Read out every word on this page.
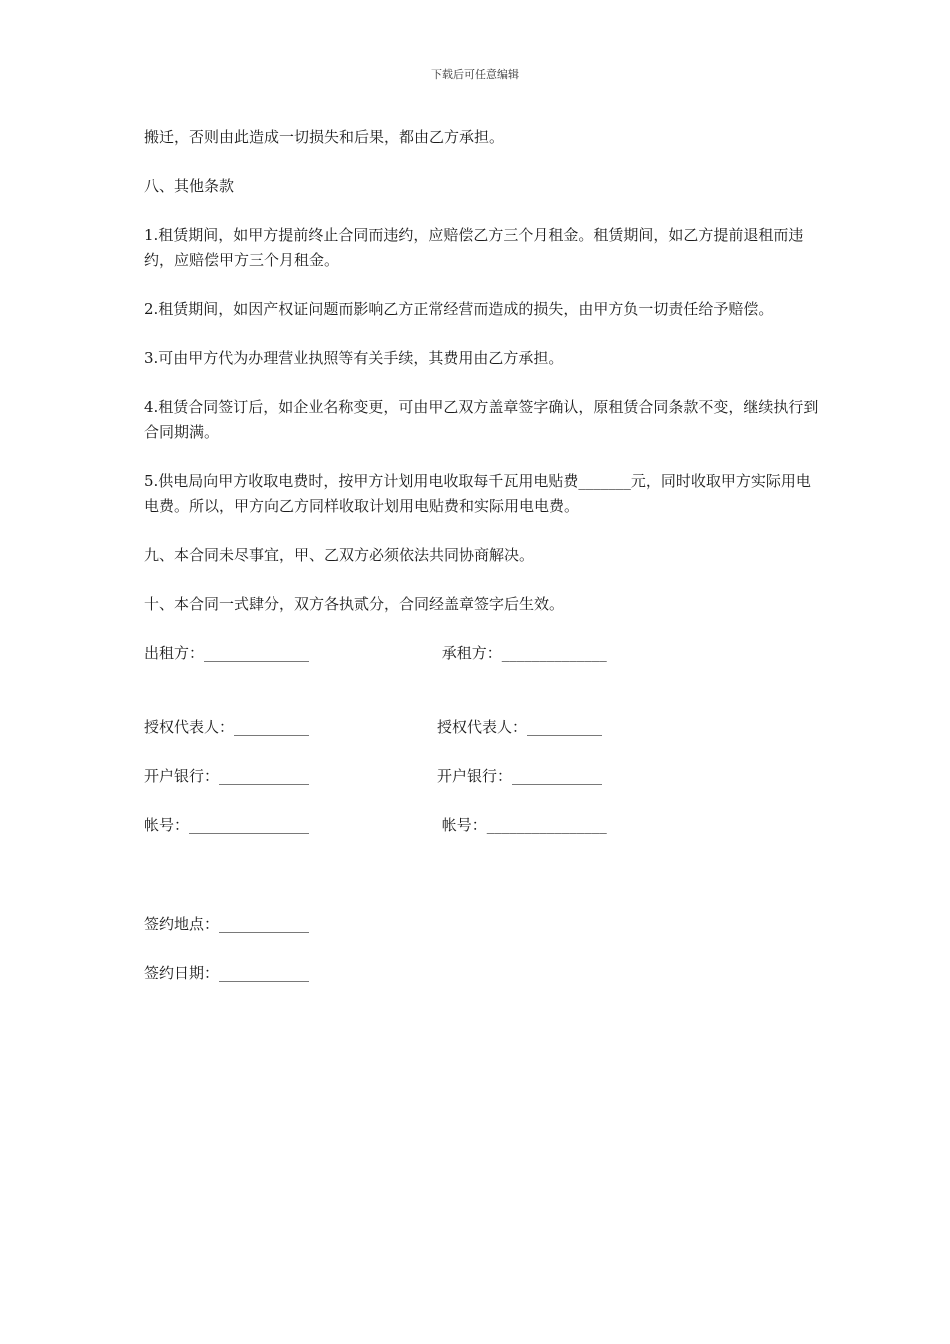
下载后可任意编辑

搬迁，否则由此造成一切损失和后果，都由乙方承担。

八、其他条款

1.租赁期间，如甲方提前终止合同而违约，应赔偿乙方三个月租金。租赁期间，如乙方提前退租而违约，应赔偿甲方三个月租金。

2.租赁期间，如因产权证问题而影响乙方正常经营而造成的损失，由甲方负一切责任给予赔偿。

3.可由甲方代为办理营业执照等有关手续，其费用由乙方承担。

4.租赁合同签订后，如企业名称变更，可由甲乙双方盖章签字确认，原租赁合同条款不变，继续执行到合同期满。

5.供电局向甲方收取电费时，按甲方计划用电收取每千瓦用电贴费_______元，同时收取甲方实际用电电费。所以，甲方向乙方同样收取计划用电贴费和实际用电电费。

九、本合同未尽事宜，甲、乙双方必须依法共同协商解决。

十、本合同一式肆分，双方各执贰分，合同经盖章签字后生效。

出租方：______________	承租方：______________
授权代表人：__________	授权代表人：__________
开户银行：____________	开户银行：____________
帐号：________________	帐号：________________
签约地点：____________
签约日期：____________
